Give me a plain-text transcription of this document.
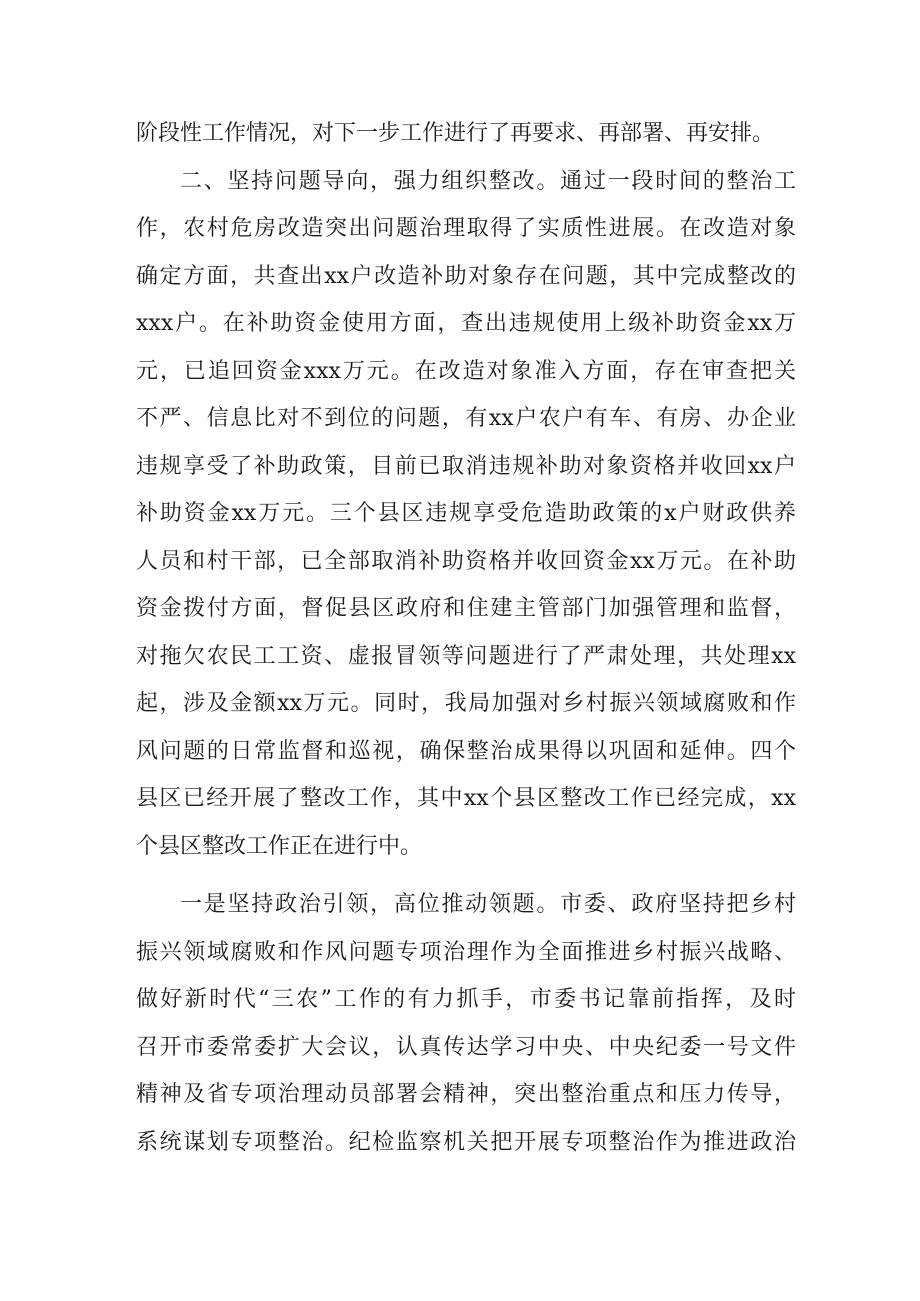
阶段性工作情况，对下一步工作进行了再要求、再部署、再安排。
二、坚持问题导向，强力组织整改。通过一段时间的整治工
作，农村危房改造突出问题治理取得了实质性进展。在改造对象
确定方面，共查出xx户改造补助对象存在问题，其中完成整改的
xxx户。在补助资金使用方面，查出违规使用上级补助资金xx万
元，已追回资金xxx万元。在改造对象准入方面，存在审查把关
不严、信息比对不到位的问题，有xx户农户有车、有房、办企业
违规享受了补助政策，目前已取消违规补助对象资格并收回xx户
补助资金xx万元。三个县区违规享受危造助政策的x户财政供养
人员和村干部，已全部取消补助资格并收回资金xx万元。在补助
资金拨付方面，督促县区政府和住建主管部门加强管理和监督，
对拖欠农民工工资、虚报冒领等问题进行了严肃处理，共处理xx
起，涉及金额xx万元。同时，我局加强对乡村振兴领域腐败和作
风问题的日常监督和巡视，确保整治成果得以巩固和延伸。四个
县区已经开展了整改工作，其中xx个县区整改工作已经完成，xx
个县区整改工作正在进行中。
一是坚持政治引领，高位推动领题。市委、政府坚持把乡村
振兴领域腐败和作风问题专项治理作为全面推进乡村振兴战略、
做好新时代“三农”工作的有力抓手，市委书记靠前指挥，及时
召开市委常委扩大会议，认真传达学习中央、中央纪委一号文件
精神及省专项治理动员部署会精神，突出整治重点和压力传导，
系统谋划专项整治。纪检监察机关把开展专项整治作为推进政治
